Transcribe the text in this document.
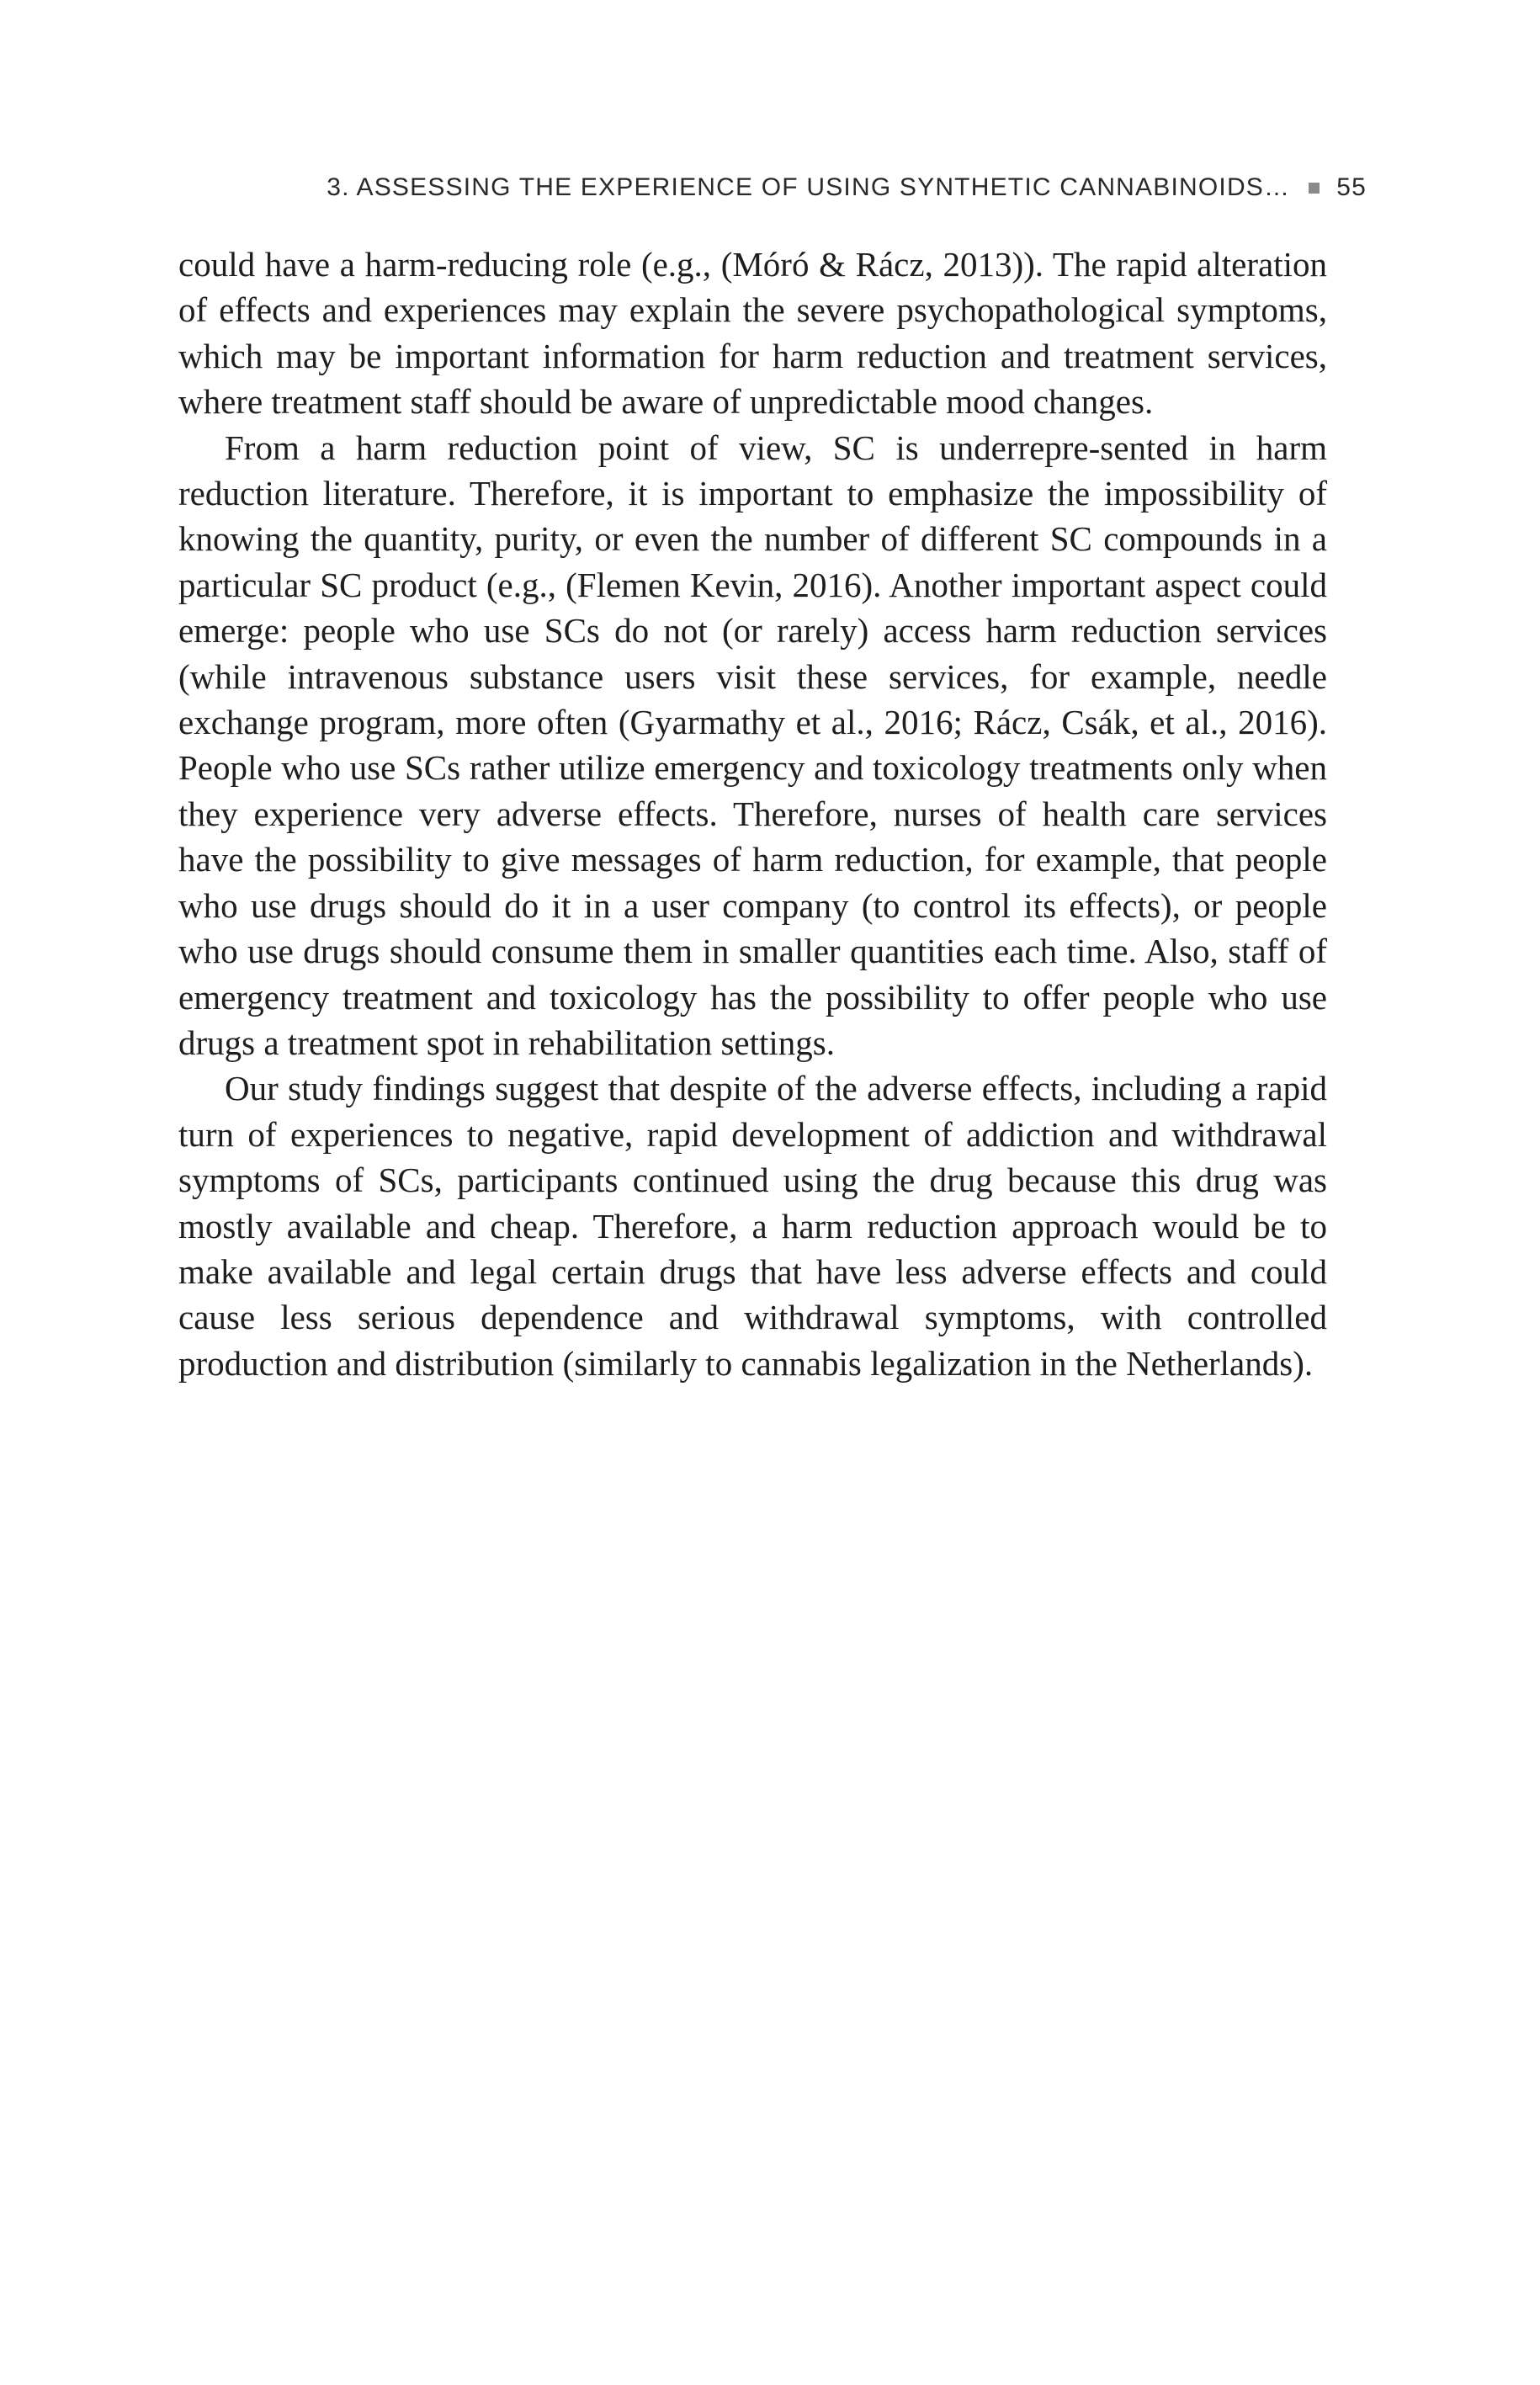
3. ASSESSING THE EXPERIENCE OF USING SYNTHETIC CANNABINOIDS… 55

could have a harm-reducing role (e.g., (Móró & Rácz, 2013)). The rapid alteration of effects and experiences may explain the severe psychopathological symptoms, which may be important information for harm reduction and treatment services, where treatment staff should be aware of unpredictable mood changes.

From a harm reduction point of view, SC is underrepre-sented in harm reduction literature. Therefore, it is important to emphasize the impossibility of knowing the quantity, purity, or even the number of different SC compounds in a particular SC product (e.g., (Flemen Kevin, 2016). Another important aspect could emerge: people who use SCs do not (or rarely) access harm reduction services (while intravenous substance users visit these services, for example, needle exchange program, more often (Gyarmathy et al., 2016; Rácz, Csák, et al., 2016). People who use SCs rather utilize emergency and toxicology treatments only when they experience very adverse effects. Therefore, nurses of health care services have the possibility to give messages of harm reduction, for example, that people who use drugs should do it in a user company (to control its effects), or people who use drugs should consume them in smaller quantities each time. Also, staff of emergency treatment and toxicology has the possibility to offer people who use drugs a treatment spot in rehabilitation settings.

Our study findings suggest that despite of the adverse effects, including a rapid turn of experiences to negative, rapid development of addiction and withdrawal symptoms of SCs, participants continued using the drug because this drug was mostly available and cheap. Therefore, a harm reduction approach would be to make available and legal certain drugs that have less adverse effects and could cause less serious dependence and withdrawal symptoms, with controlled production and distribution (similarly to cannabis legalization in the Netherlands).
